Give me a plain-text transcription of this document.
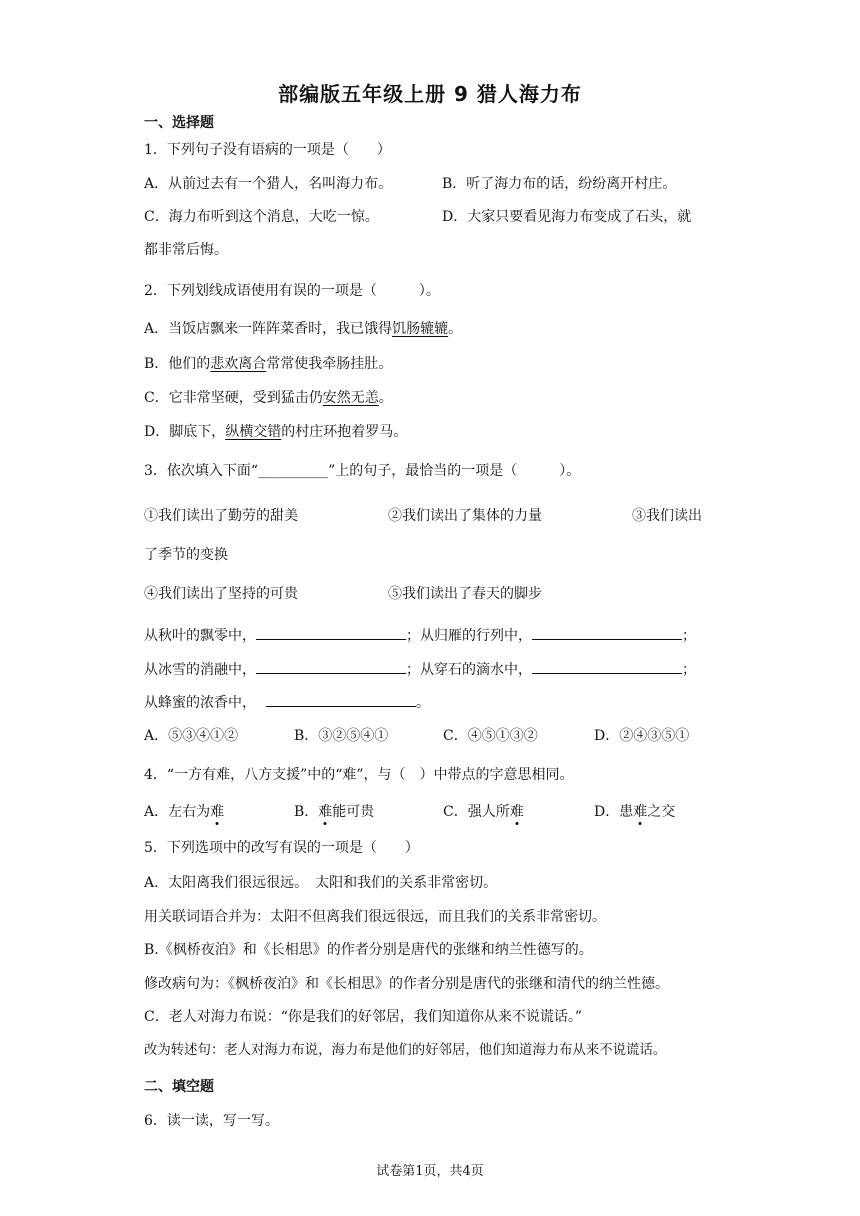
部编版五年级上册 9 猎人海力布
一、选择题
1．下列句子没有语病的一项是（　　）
A．从前过去有一个猎人，名叫海力布。	B．听了海力布的话，纷纷离开村庄。
C．海力布听到这个消息，大吃一惊。	D．大家只要看见海力布变成了石头，就
都非常后悔。
2．下列划线成语使用有误的一项是（　　　）。
A．当饭店飘来一阵阵菜香时，我已饿得饥肠辘辘。
B．他们的悲欢离合常常使我牵肠挂肚。
C．它非常坚硬，受到猛击仍安然无恙。
D．脚底下，纵横交错的村庄环抱着罗马。
3．依次填入下面“__________”上的句子，最恰当的一项是（　　　）。
①我们读出了勤劳的甜美	②我们读出了集体的力量	③我们读出
了季节的变换
④我们读出了坚持的可贵	⑤我们读出了春天的脚步
从秋叶的飘零中，	；从归雁的行列中，	；
从冰雪的消融中，	；从穿石的滴水中，	；
从蜂蜜的浓香中，	。
A．⑤③④①②	B．③②⑤④①	C．④⑤①③②	D．②④③⑤①
4．“一方有难，八方支援”中的“难”，与（　）中带点的字意思相同。
A．左右为难	B．难能可贵	C．强人所难	D．患难之交
5．下列选项中的改写有误的一项是（　　）
A．太阳离我们很远很远。　太阳和我们的关系非常密切。
用关联词语合并为：太阳不但离我们很远很远，而且我们的关系非常密切。
B.《枫桥夜泊》和《长相思》的作者分别是唐代的张继和纳兰性德写的。
修改病句为：《枫桥夜泊》和《长相思》的作者分别是唐代的张继和清代的纳兰性德。
C．老人对海力布说：“你是我们的好邻居，我们知道你从来不说谎话。”
改为转述句：老人对海力布说，海力布是他们的好邻居，他们知道海力布从来不说谎话。
二、填空题
6．读一读，写一写。
试卷第1页，共4页
